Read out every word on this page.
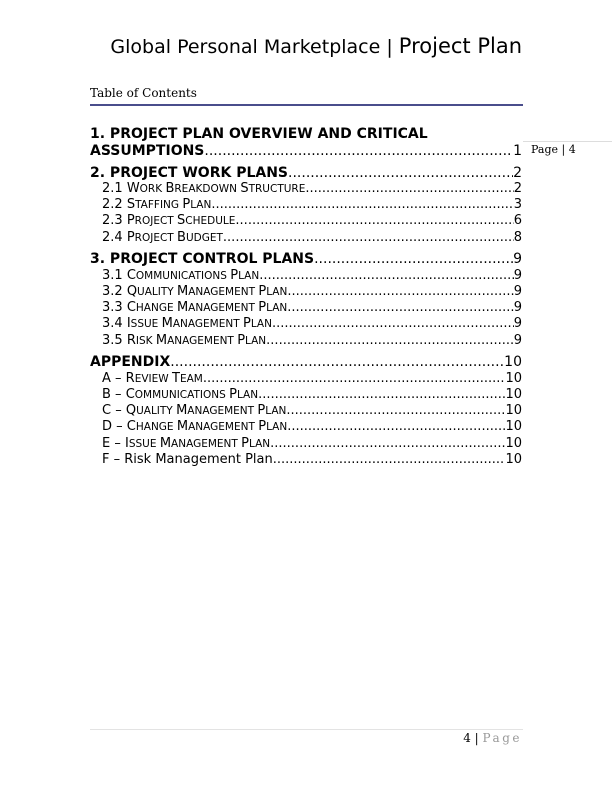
Global Personal Marketplace | Project Plan
Table of Contents
Page | 4
1. PROJECT PLAN OVERVIEW AND CRITICAL
ASSUMPTIONS .....	1
2. PROJECT WORK PLANS .....	2
2.1 WORK BREAKDOWN STRUCTURE .....	2
2.2 STAFFING PLAN .....	3
2.3 PROJECT SCHEDULE .....	6
2.4 PROJECT BUDGET .....	8
3. PROJECT CONTROL PLANS .....	9
3.1 COMMUNICATIONS PLAN .....	9
3.2 QUALITY MANAGEMENT PLAN .....	9
3.3 CHANGE MANAGEMENT PLAN .....	9
3.4 ISSUE MANAGEMENT PLAN .....	9
3.5 RISK MANAGEMENT PLAN .....	9
APPENDIX .....	10
A – REVIEW TEAM .....	10
B – COMMUNICATIONS PLAN .....	10
C – QUALITY MANAGEMENT PLAN .....	10
D – CHANGE MANAGEMENT PLAN .....	10
E – ISSUE MANAGEMENT PLAN .....	10
F – Risk Management Plan .....	10
4 | Page
